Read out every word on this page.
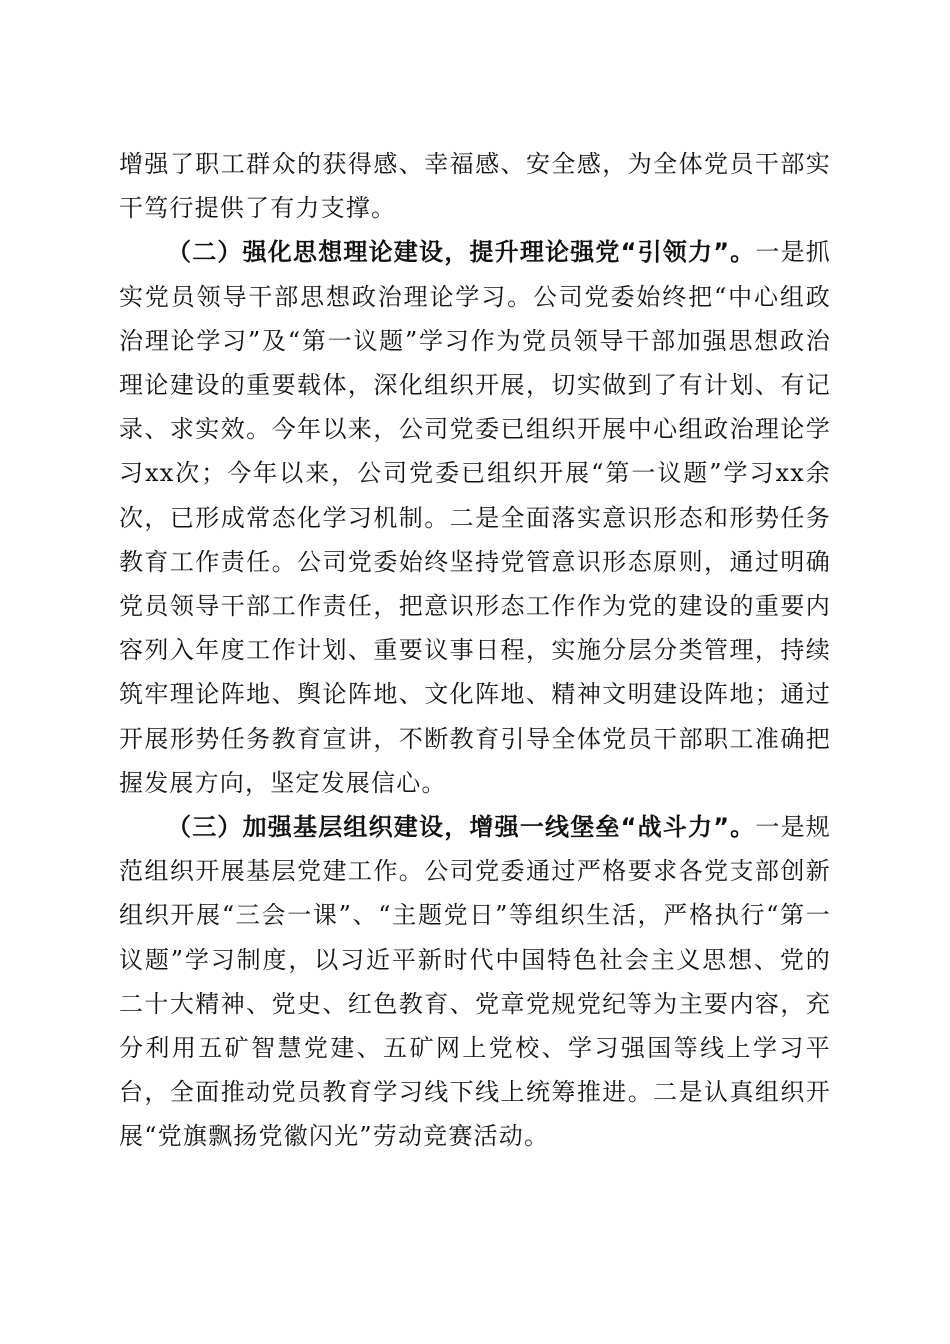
增强了职工群众的获得感、幸福感、安全感，为全体党员干部实干笃行提供了有力支撑。

（二）强化思想理论建设，提升理论强党“引领力”。一是抓实党员领导干部思想政治理论学习。公司党委始终把“中心组政治理论学习”及“第一议题”学习作为党员领导干部加强思想政治理论建设的重要载体，深化组织开展，切实做到了有计划、有记录、求实效。今年以来，公司党委已组织开展中心组政治理论学习xx次；今年以来，公司党委已组织开展“第一议题”学习xx余次，已形成常态化学习机制。二是全面落实意识形态和形势任务教育工作责任。公司党委始终坚持党管意识形态原则，通过明确党员领导干部工作责任，把意识形态工作作为党的建设的重要内容列入年度工作计划、重要议事日程，实施分层分类管理，持续筑牢理论阵地、舆论阵地、文化阵地、精神文明建设阵地；通过开展形势任务教育宣讲，不断教育引导全体党员干部职工准确把握发展方向，坚定发展信心。

（三）加强基层组织建设，增强一线堡垒“战斗力”。一是规范组织开展基层党建工作。公司党委通过严格要求各党支部创新组织开展“三会一课”、“主题党日”等组织生活，严格执行“第一议题”学习制度，以习近平新时代中国特色社会主义思想、党的二十大精神、党史、红色教育、党章党规党纪等为主要内容，充分利用五矿智慧党建、五矿网上党校、学习强国等线上学习平台，全面推动党员教育学习线下线上统筹推进。二是认真组织开展“党旗飘扬党徽闪光”劳动竞赛活动。
